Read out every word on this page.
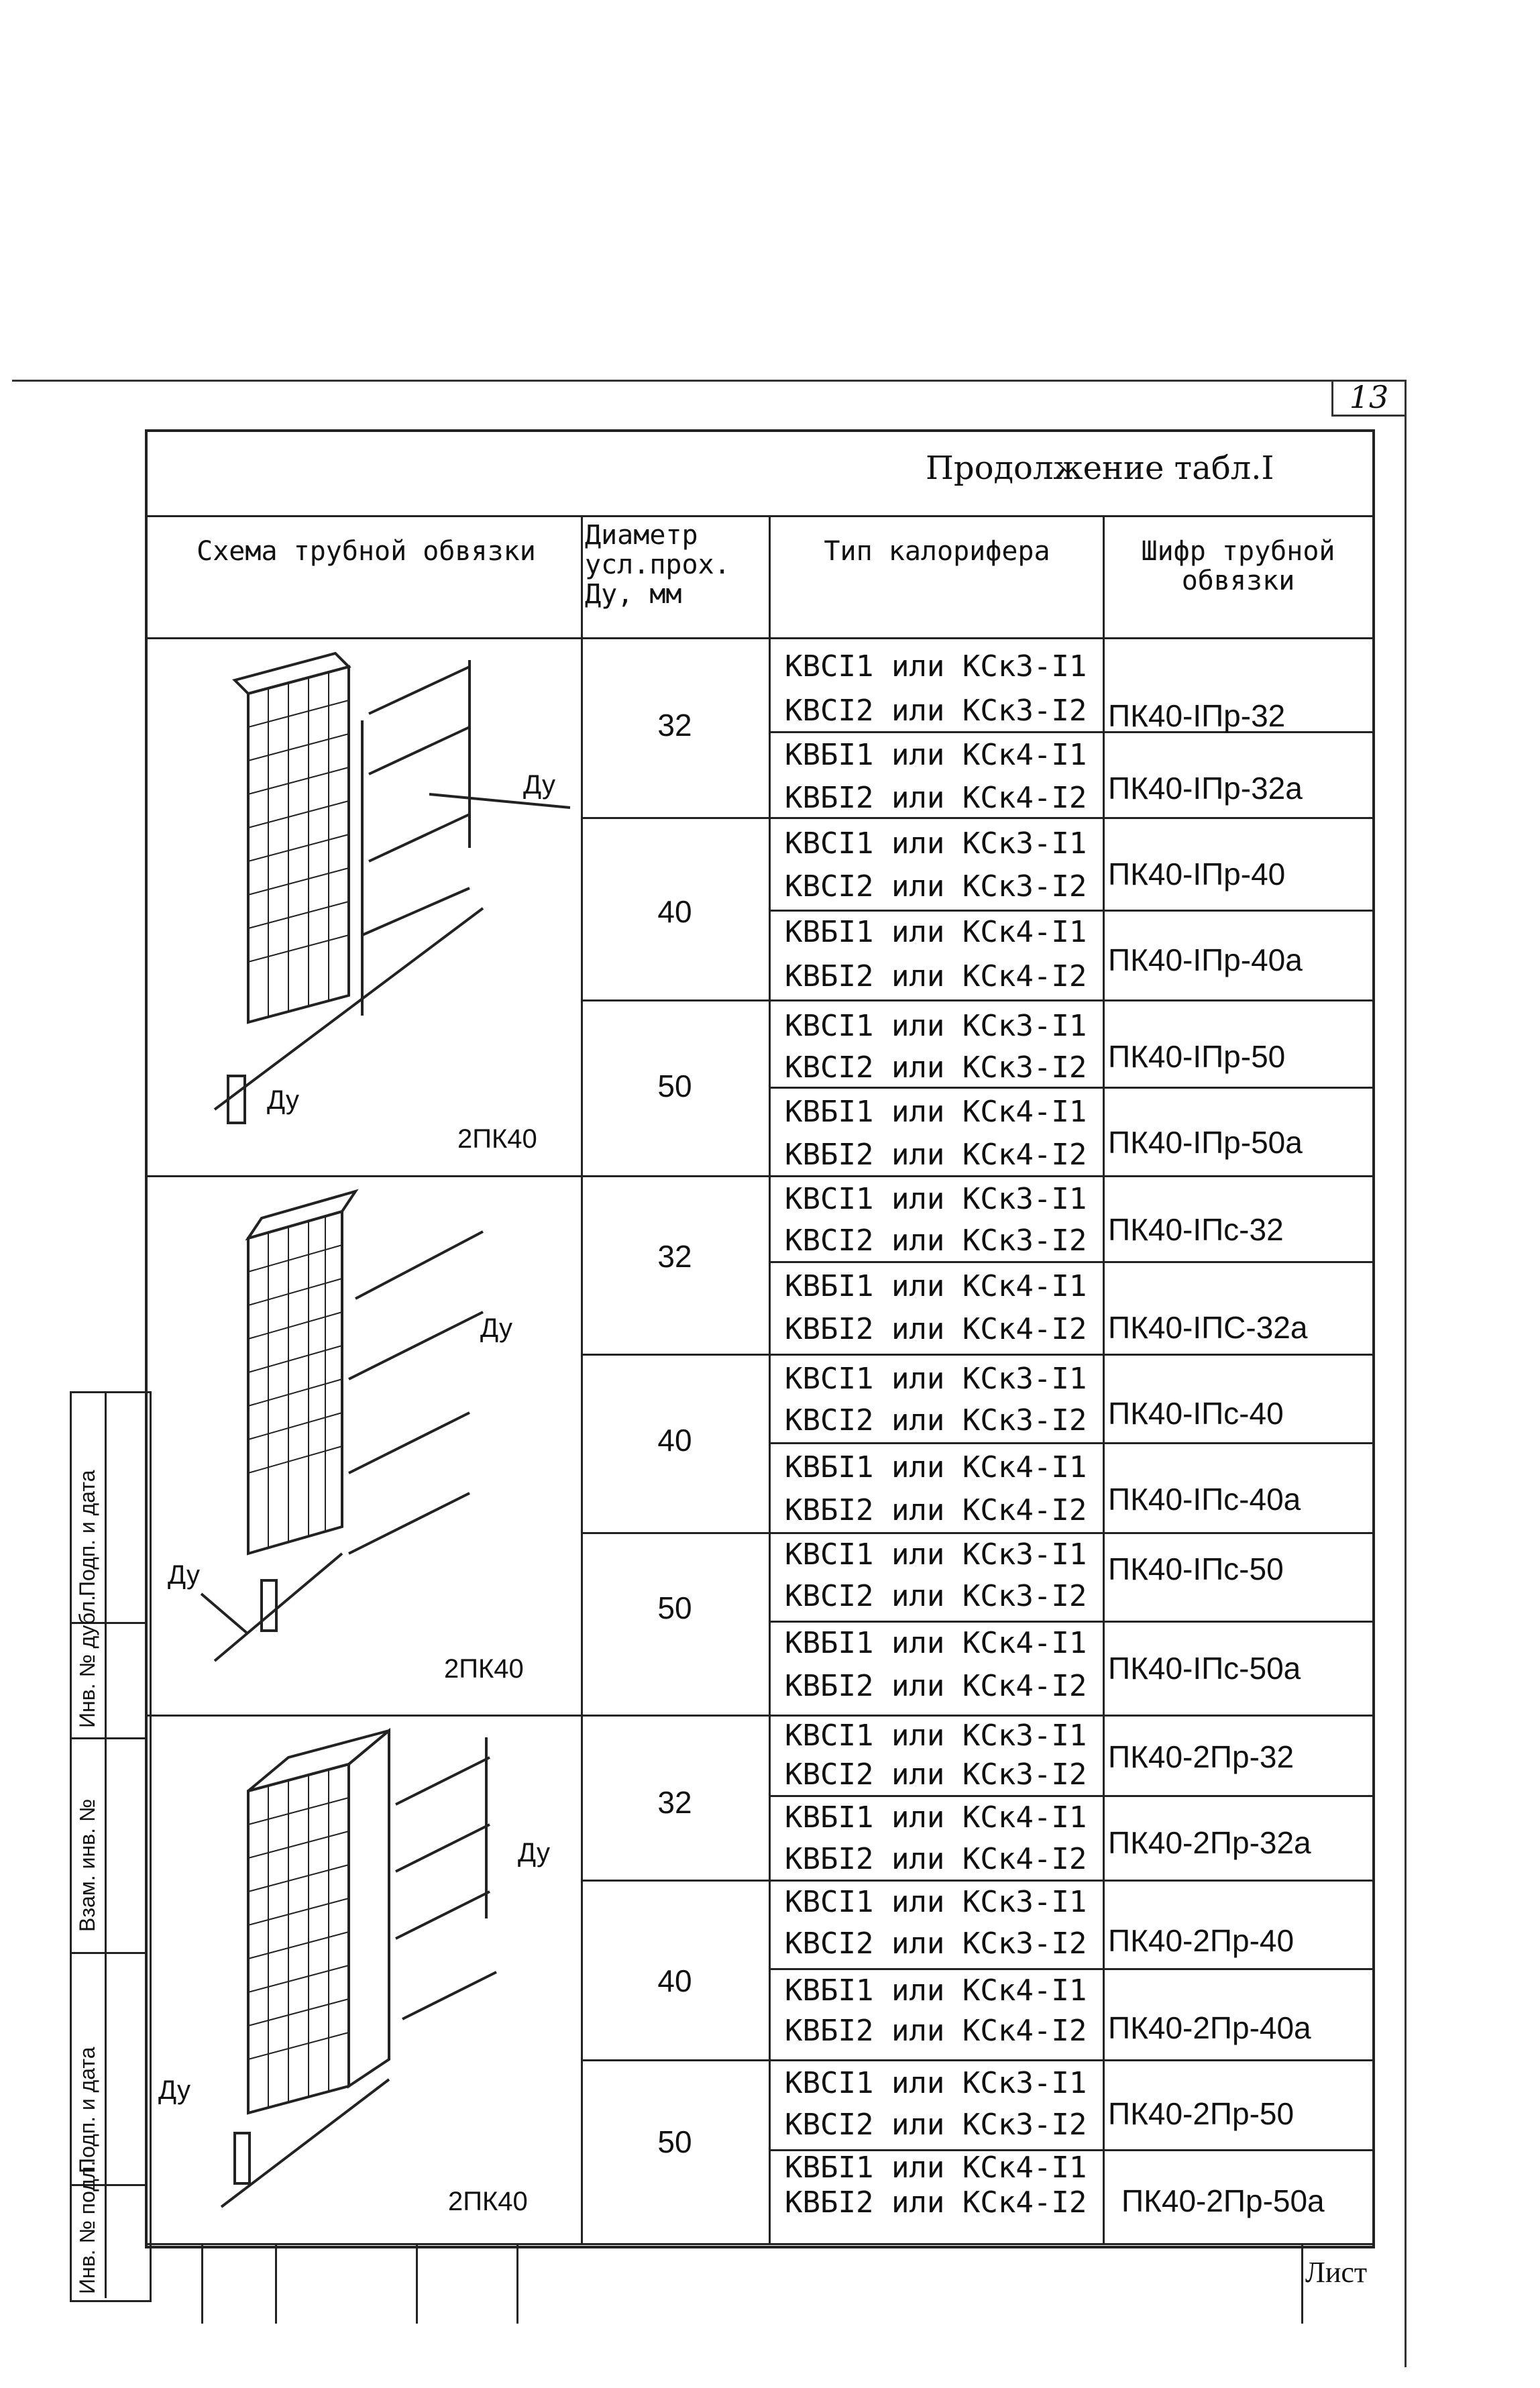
13
Продолжение табл.I
Схема трубной обвязки
Диаметр усл.проx. Ду, мм
Тип калорифера	Шифр трубной обвязки
32
КВСI1 или КСк3-I1
КВСI2 или КСк3-I2 ПК40-IПр-32
КВБI1 или КСк4-I1
КВБI2 или КСк4-I2 ПК40-IПр-32а
40
КВСI1 или КСк3-I1
КВСI2 или КСк3-I2 ПК40-IПр-40
КВБI1 или КСк4-I1
КВБI2 или КСк4-I2 ПК40-IПр-40а
50
КВСI1 или КСк3-I1
КВСI2 или КСк3-I2 ПК40-IПр-50
КВБI1 или КСк4-I1
КВБI2 или КСк4-I2 ПК40-IПр-50а
32
КВСI1 или КСк3-I1
КВСI2 или КСк3-I2 ПК40-IПс-32
КВБI1 или КСк4-I1
КВБI2 или КСк4-I2 ПК40-IПС-32а
40
КВСI1 или КСк3-I1
КВСI2 или КСк3-I2 ПК40-IПс-40
КВБI1 или КСк4-I1
КВБI2 или КСк4-I2 ПК40-IПс-40а
50
КВСI1 или КСк3-I1
КВСI2 или КСк3-I2
ПК40-IПс-50
КВБI1 или КСк4-I1
КВБI2 или КСк4-I2
ПК40-IПс-50а
32
КВСI1 или КСк3-I1
КВСI2 или КСк3-I2
ПК40-2Пр-32
КВБI1 или КСк4-I1
КВБI2 или КСк4-I2 ПК40-2Пр-32а
40
КВСI1 или КСк3-I1
КВСI2 или КСк3-I2 ПК40-2Пр-40
КВБI1 или КСк4-I1
КВБI2 или КСк4-I2 ПК40-2Пр-40а
50
КВСI1 или КСк3-I1
КВСI2 или КСк3-I2 ПК40-2Пр-50
КВБI1 или КСк4-I1
КВБI2 или КСк4-I2 ПК40-2Пр-50а
2ПК40
Ду
Ду
2ПК40
Ду
Ду
2ПК40
Ду
Ду
Подп. и дата
Взам. инв. №
Инв. № дубл.
Подп. и дата
Инв. № подл.	Лист
